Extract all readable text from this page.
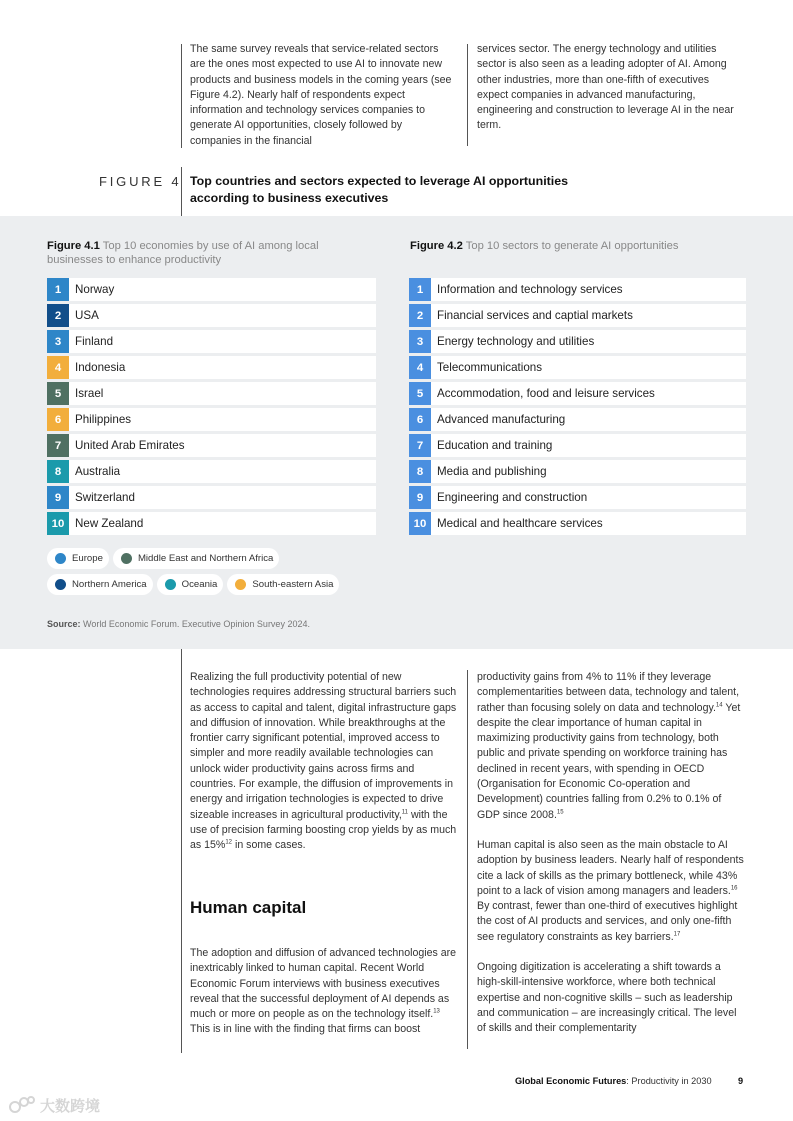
The same survey reveals that service-related sectors are the ones most expected to use AI to innovate new products and business models in the coming years (see Figure 4.2). Nearly half of respondents expect information and technology services companies to generate AI opportunities, closely followed by companies in the financial

services sector. The energy technology and utilities sector is also seen as a leading adopter of AI. Among other industries, more than one-fifth of executives expect companies in advanced manufacturing, engineering and construction to leverage AI in the near term.

FIGURE 4 Top countries and sectors expected to leverage AI opportunities according to business executives
Figure 4.1 Top 10 economies by use of AI among local businesses to enhance productivity
Figure 4.2 Top 10 sectors to generate AI opportunities
1	Norway
2	USA
3	Finland
4	Indonesia
5	Israel
6	Philippines
7	United Arab Emirates
8	Australia
9	Switzerland
10 New Zealand
1	Information and technology services
2	Financial services and captial markets
3	Energy technology and utilities
4	Telecommunications
5	Accommodation, food and leisure services
6	Advanced manufacturing
7	Education and training
8	Media and publishing
9	Engineering and construction
10 Medical and healthcare services
Europe	Middle East and Northern Africa
Northern America	Oceania	South-eastern Asia
Source: World Economic Forum. Executive Opinion Survey 2024.

Realizing the full productivity potential of new technologies requires addressing structural barriers such as access to capital and talent, digital infrastructure gaps and diffusion of innovation. While breakthroughs at the frontier carry significant potential, improved access to simpler and more readily available technologies can unlock wider productivity gains across firms and countries. For example, the diffusion of improvements in energy and irrigation technologies is expected to drive sizeable increases in agricultural productivity,$^{11}$ with the use of precision farming boosting crop yields by as much as 15%$^{12}$ in some cases.

Human capital

The adoption and diffusion of advanced technologies are inextricably linked to human capital. Recent World Economic Forum interviews with business executives reveal that the successful deployment of AI depends as much or more on people as on the technology itself.$^{13}$ This is in line with the finding that firms can boost

productivity gains from 4% to 11% if they leverage complementarities between data, technology and talent, rather than focusing solely on data and technology.$^{14}$ Yet despite the clear importance of human capital in maximizing productivity gains from technology, both public and private spending on workforce training has declined in recent years, with spending in OECD (Organisation for Economic Co-operation and Development) countries falling from 0.2% to 0.1% of GDP since 2008.15

Human capital is also seen as the main obstacle to AI adoption by business leaders. Nearly half of respondents cite a lack of skills as the primary bottleneck, while 43% point to a lack of vision among managers and leaders.$^{16}$ By contrast, fewer than one-third of executives highlight the cost of AI products and services, and only one-fifth see regulatory constraints as key barriers.$^{17}$

Ongoing digitization is accelerating a shift towards a high-skill-intensive workforce, where both technical expertise and non-cognitive skills – such as leadership and communication – are increasingly critical. The level of skills and their complementarity

Global Economic Futures: Productivity in 2030	9
大数跨境
